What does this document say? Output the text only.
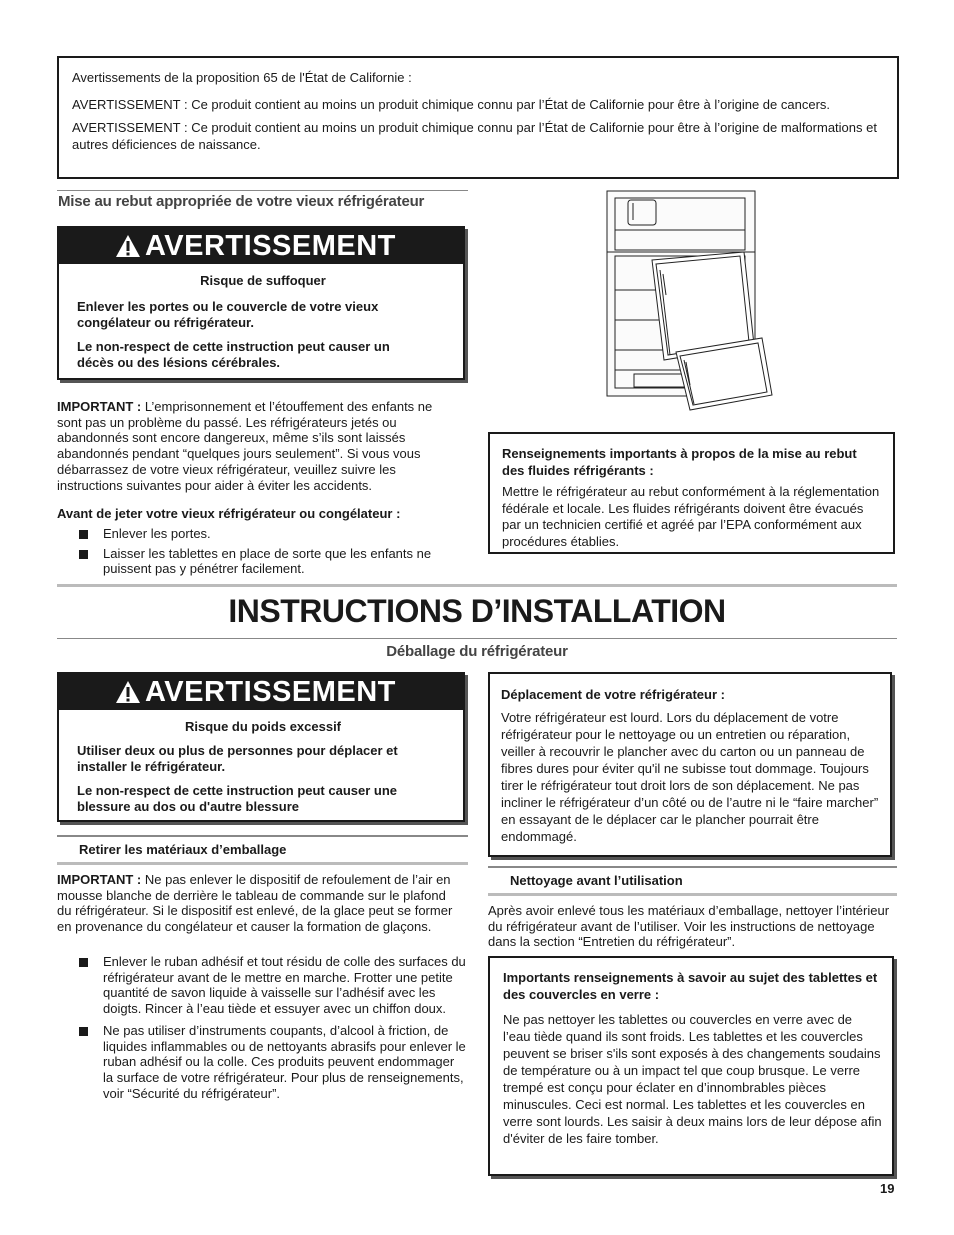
Avertissements de la proposition 65 de l'État de Californie :

AVERTISSEMENT : Ce produit contient au moins un produit chimique connu par l’État de Californie pour être à l’origine de cancers.

AVERTISSEMENT : Ce produit contient au moins un produit chimique connu par l’État de Californie pour être à l’origine de malformations et autres déficiences de naissance.

Mise au rebut appropriée de votre vieux réfrigérateur
AVERTISSEMENT

Risque de suffoquer

Enlever les portes ou le couvercle de votre vieux congélateur ou réfrigérateur.

Le non-respect de cette instruction peut causer un décès ou des lésions cérébrales.

IMPORTANT : L’emprisonnement et l’étouffement des enfants ne sont pas un problème du passé. Les réfrigérateurs jetés ou abandonnés sont encore dangereux, même s’ils sont laissés abandonnés pendant “quelques jours seulement”. Si vous vous débarrassez de votre vieux réfrigérateur, veuillez suivre les instructions suivantes pour aider à éviter les accidents.
Avant de jeter votre vieux réfrigérateur ou congélateur :
Enlever les portes.
Laisser les tablettes en place de sorte que les enfants ne puissent pas y pénétrer facilement.

Renseignements importants à propos de la mise au rebut des fluides réfrigérants :

Mettre le réfrigérateur au rebut conformément à la réglementation fédérale et locale. Les fluides réfrigérants doivent être évacués par un technicien certifié et agréé par l’EPA conformément aux procédures établies.

INSTRUCTIONS D’INSTALLATION
Déballage du réfrigérateur
AVERTISSEMENT

Risque du poids excessif

Utiliser deux ou plus de personnes pour déplacer et installer le réfrigérateur.

Le non-respect de cette instruction peut causer une blessure au dos ou d'autre blessure

Retirer les matériaux d’emballage
IMPORTANT : Ne pas enlever le dispositif de refoulement de l’air en mousse blanche de derrière le tableau de commande sur le plafond du réfrigérateur. Si le dispositif est enlevé, de la glace peut se former en provenance du congélateur et causer la formation de glaçons.
Enlever le ruban adhésif et tout résidu de colle des surfaces du réfrigérateur avant de le mettre en marche. Frotter une petite quantité de savon liquide à vaisselle sur l’adhésif avec les doigts. Rincer à l’eau tiède et essuyer avec un chiffon doux.
Ne pas utiliser d’instruments coupants, d’alcool à friction, de liquides inflammables ou de nettoyants abrasifs pour enlever le ruban adhésif ou la colle. Ces produits peuvent endommager la surface de votre réfrigérateur. Pour plus de renseignements, voir “Sécurité du réfrigérateur”.

Déplacement de votre réfrigérateur :

Votre réfrigérateur est lourd. Lors du déplacement de votre réfrigérateur pour le nettoyage ou un entretien ou réparation, veiller à recouvrir le plancher avec du carton ou un panneau de fibres dures pour éviter qu'il ne subisse tout dommage. Toujours tirer le réfrigérateur tout droit lors de son déplacement. Ne pas incliner le réfrigérateur d’un côté ou de l’autre ni le “faire marcher” en essayant de le déplacer car le plancher pourrait être endommagé.

Nettoyage avant l’utilisation
Après avoir enlevé tous les matériaux d’emballage, nettoyer l’intérieur du réfrigérateur avant de l’utiliser. Voir les instructions de nettoyage dans la section “Entretien du réfrigérateur”.

Importants renseignements à savoir au sujet des tablettes et des couvercles en verre :

Ne pas nettoyer les tablettes ou couvercles en verre avec de l’eau tiède quand ils sont froids. Les tablettes et les couvercles peuvent se briser s'ils sont exposés à des changements soudains de température ou à un impact tel que coup brusque. Le verre trempé est conçu pour éclater en d’innombrables pièces minuscules. Ceci est normal. Les tablettes et les couvercles en verre sont lourds. Les saisir à deux mains lors de leur dépose afin d'éviter de les faire tomber.

19
